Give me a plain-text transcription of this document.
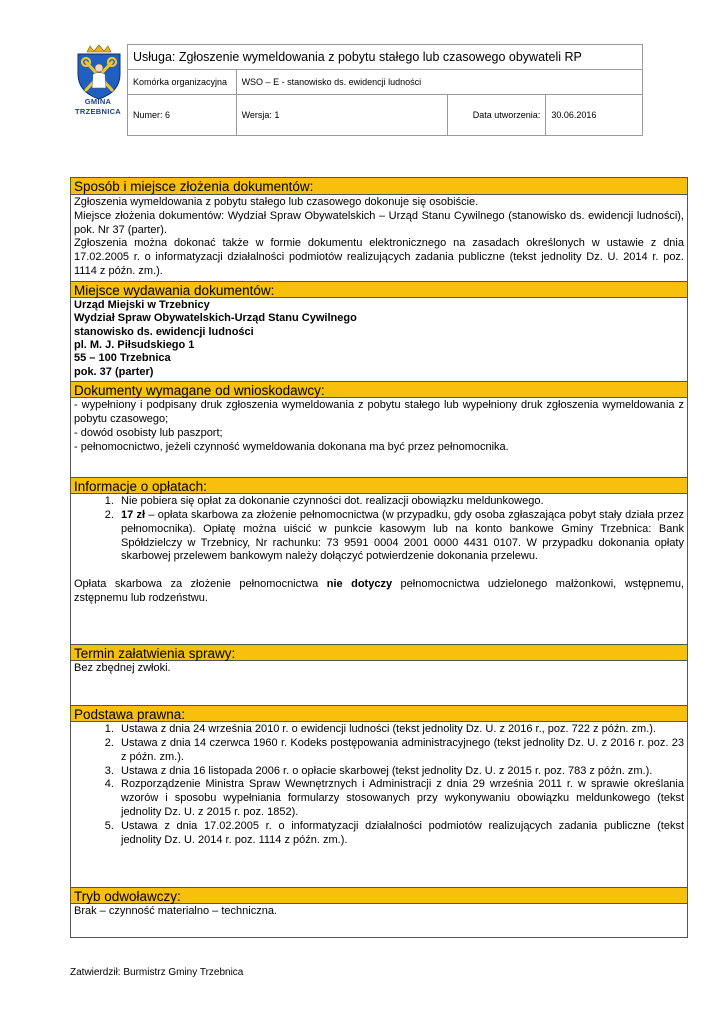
GMINA
TRZEBNICA
Usługa: Zgłoszenie wymeldowania z pobytu stałego lub czasowego obywateli RP			
Komórka organizacyjna	WSO – E - stanowisko ds. ewidencji ludności		
Numer: 6	Wersja: 1	Data utworzenia:	30.06.2016
Sposób i miejsce złożenia dokumentów:

Zgłoszenia wymeldowania z pobytu stałego lub czasowego dokonuje się osobiście.

Miejsce złożenia dokumentów: Wydział Spraw Obywatelskich – Urząd Stanu Cywilnego (stanowisko ds. ewidencji ludności), pok. Nr 37 (parter).

Zgłoszenia można dokonać także w formie dokumentu elektronicznego na zasadach określonych w ustawie z dnia 17.02.2005 r. o informatyzacji działalności podmiotów realizujących zadania publiczne (tekst jednolity Dz. U. 2014 r. poz. 1114 z późn. zm.).

Miejsce wydawania dokumentów:

Urząd Miejski w Trzebnicy

Wydział Spraw Obywatelskich-Urząd Stanu Cywilnego

stanowisko ds. ewidencji ludności

pl. M. J. Piłsudskiego 1

55 – 100 Trzebnica

pok. 37 (parter)

Dokumenty wymagane od wnioskodawcy:

- wypełniony i podpisany druk zgłoszenia wymeldowania z pobytu stałego lub wypełniony druk zgłoszenia wymeldowania z pobytu czasowego;

- dowód osobisty lub paszport;

- pełnomocnictwo, jeżeli czynność wymeldowania dokonana ma być przez pełnomocnika.

Informacje o opłatach:
1. Nie pobiera się opłat za dokonanie czynności dot. realizacji obowiązku meldunkowego.
2. 17 zł – opłata skarbowa za złożenie pełnomocnictwa (w przypadku, gdy osoba zgłaszająca pobyt stały działa przez pełnomocnika). Opłatę można uiścić w punkcie kasowym lub na konto bankowe Gminy Trzebnica: Bank Spółdzielczy w Trzebnicy, Nr rachunku: 73 9591 0004 2001 0000 4431 0107. W przypadku dokonania opłaty skarbowej przelewem bankowym należy dołączyć potwierdzenie dokonania przelewu.

Opłata skarbowa za złożenie pełnomocnictwa nie dotyczy pełnomocnictwa udzielonego małżonkowi, wstępnemu, zstępnemu lub rodzeństwu.

Termin załatwienia sprawy:

Bez zbędnej zwłoki.

Podstawa prawna:
1. Ustawa z dnia 24 września 2010 r. o ewidencji ludności (tekst jednolity Dz. U. z 2016 r., poz. 722 z późn. zm.).
2. Ustawa z dnia 14 czerwca 1960 r. Kodeks postępowania administracyjnego (tekst jednolity Dz. U. z 2016 r. poz. 23 z późn. zm.).
3. Ustawa z dnia 16 listopada 2006 r. o opłacie skarbowej (tekst jednolity Dz. U. z 2015 r. poz. 783 z późn. zm.).
4. Rozporządzenie Ministra Spraw Wewnętrznych i Administracji z dnia 29 września 2011 r. w sprawie określania wzorów i sposobu wypełniania formularzy stosowanych przy wykonywaniu obowiązku meldunkowego (tekst jednolity Dz. U. z 2015 r. poz. 1852).
5. Ustawa z dnia 17.02.2005 r. o informatyzacji działalności podmiotów realizujących zadania publiczne (tekst jednolity Dz. U. 2014 r. poz. 1114 z późn. zm.).
Tryb odwoławczy:

Brak – czynność materialno – techniczna.

Zatwierdził: Burmistrz Gminy Trzebnica
